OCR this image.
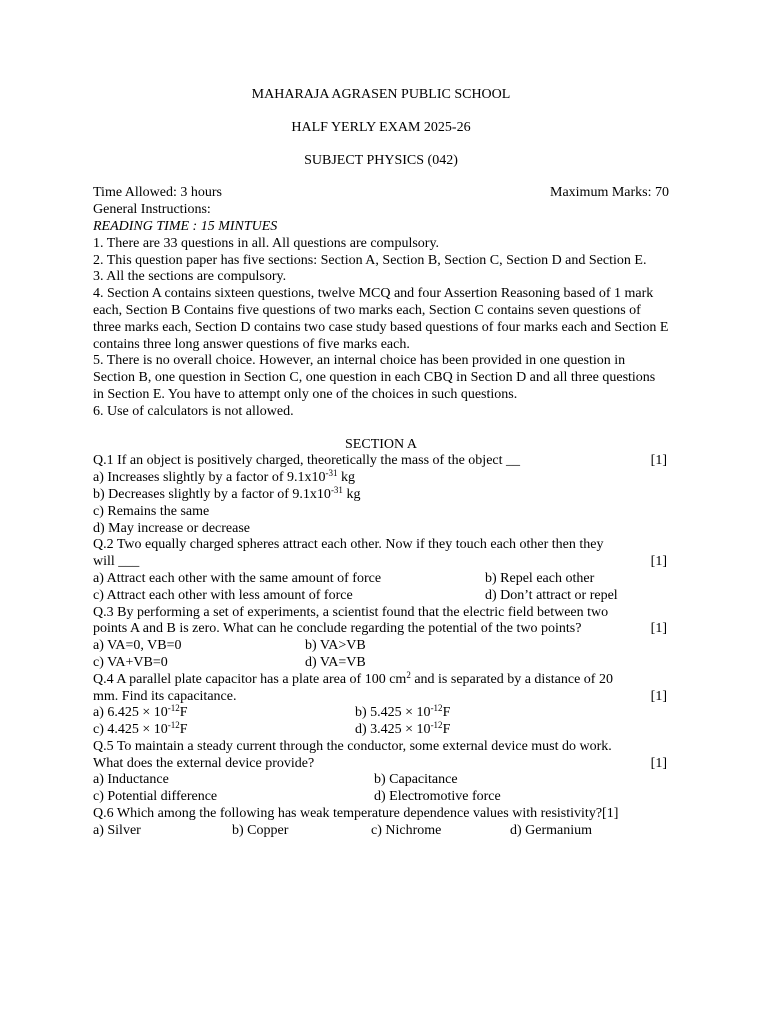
MAHARAJA AGRASEN PUBLIC SCHOOL
HALF YERLY EXAM 2025-26
SUBJECT PHYSICS (042)
Time Allowed: 3 hours	Maximum Marks: 70
General Instructions:
READING TIME : 15 MINTUES

1. There are 33 questions in all. All questions are compulsory.

2. This question paper has five sections: Section A, Section B, Section C, Section D and Section E.

3. All the sections are compulsory.

4. Section A contains sixteen questions, twelve MCQ and four Assertion Reasoning based of 1 mark each, Section B Contains five questions of two marks each, Section C contains seven questions of three marks each, Section D contains two case study based questions of four marks each and Section E contains three long answer questions of five marks each.

5. There is no overall choice. However, an internal choice has been provided in one question in Section B, one question in Section C, one question in each CBQ in Section D and all three questions in Section E. You have to attempt only one of the choices in such questions.

6. Use of calculators is not allowed.

SECTION A
Q.1 If an object is positively charged, theoretically the mass of the object __	[1]
a) Increases slightly by a factor of $9.1x10^{-31}$ kg
b) Decreases slightly by a factor of $9.1x10^{-31}$ kg
c) Remains the same
d) May increase or decrease
Q.2 Two equally charged spheres attract each other. Now if they touch each other then they
will ___	[1]
a) Attract each other with the same amount of force	b) Repel each other
c) Attract each other with less amount of force	d) Don’t attract or repel
Q.3 By performing a set of experiments, a scientist found that the electric field between two
points A and B is zero. What can he conclude regarding the potential of the two points?	[1]
a) VA=0, VB=0	b) VA>VB
c) VA+VB=0	d) VA=VB
Q.4 A parallel plate capacitor has a plate area of 100 $cm^2$ and is separated by a distance of 20
mm. Find its capacitance.	[1]
a) $6.425 \times 10^{-12}F$	b) $5.425 \times 10^{-12}F$
c) $4.425 \times 10^{-12}F$	d) $3.425 \times 10^{-12}F$
Q.5 To maintain a steady current through the conductor, some external device must do work.
What does the external device provide?	[1]
a) Inductance	b) Capacitance
c) Potential difference	d) Electromotive force
Q.6 Which among the following has weak temperature dependence values with resistivity?[1]
a) Silver	b) Copper	c) Nichrome	d) Germanium
